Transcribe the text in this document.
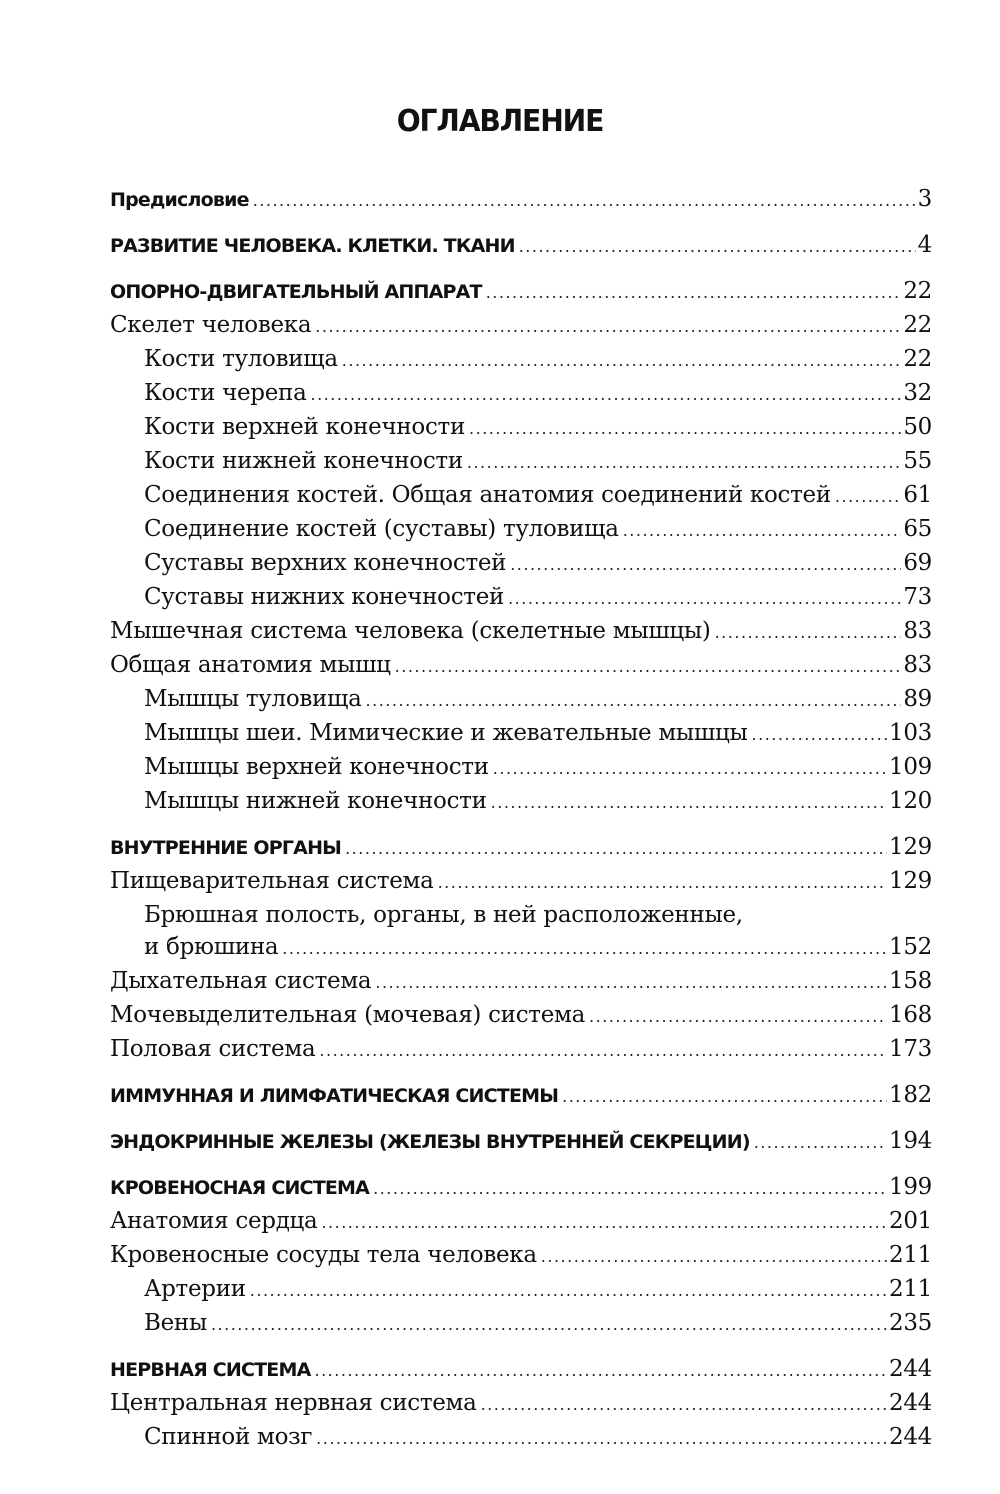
ОГЛАВЛЕНИЕ
Предисловие .....	3
РАЗВИТИЕ ЧЕЛОВЕКА. КЛЕТКИ. ТКАНИ .....	4
ОПОРНО-ДВИГАТЕЛЬНЫЙ АППАРАТ .....	22
Скелет человека .....	22
Кости туловища .....	22
Кости черепа .....	32
Кости верхней конечности .....	50
Кости нижней конечности .....	55
Соединения костей. Общая анатомия соединений костей .....	61
Соединение костей (суставы) туловища .....	65
Суставы верхних конечностей .....	69
Суставы нижних конечностей .....	73
Мышечная система человека (скелетные мышцы) .....	83
Общая анатомия мышц .....	83
Мышцы туловища .....	89
Мышцы шеи. Мимические и жевательные мышцы .....	103
Мышцы верхней конечности .....	109
Мышцы нижней конечности .....	120
ВНУТРЕННИЕ ОРГАНЫ .....	129
Пищеварительная система .....	129
Брюшная полость, органы, в ней расположенные,
и брюшина .....	152
Дыхательная система .....	158
Мочевыделительная (мочевая) система .....	168
Половая система .....	173
ИММУННАЯ И ЛИМФАТИЧЕСКАЯ СИСТЕМЫ .....	182
ЭНДОКРИННЫЕ ЖЕЛЕЗЫ (ЖЕЛЕЗЫ ВНУТРЕННЕЙ СЕКРЕЦИИ) .....	194
КРОВЕНОСНАЯ СИСТЕМА .....	199
Анатомия сердца .....	201
Кровеносные сосуды тела человека .....	211
Артерии .....	211
Вены .....	235
НЕРВНАЯ СИСТЕМА .....	244
Центральная нервная система .....	244
Спинной мозг .....	244
